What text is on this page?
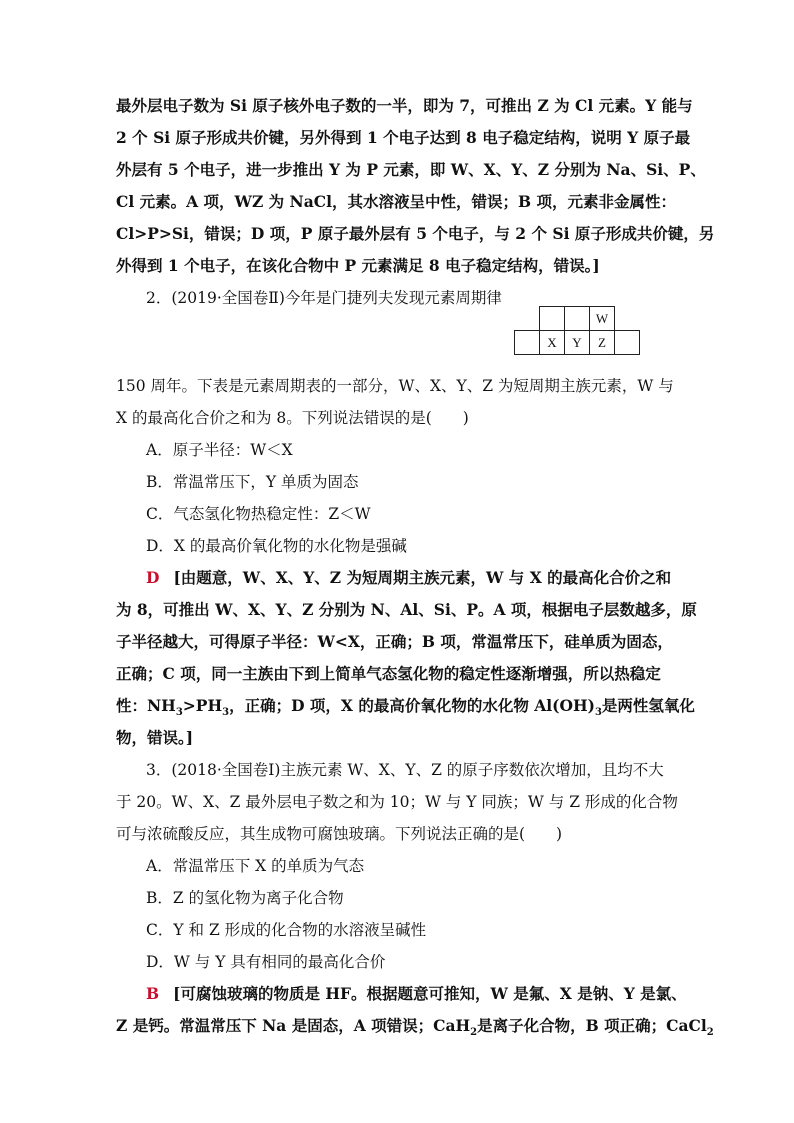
最外层电子数为 Si 原子核外电子数的一半，即为 7，可推出 Z 为 Cl 元素。Y 能与
2 个 Si 原子形成共价键，另外得到 1 个电子达到 8 电子稳定结构，说明 Y 原子最
外层有 5 个电子，进一步推出 Y 为 P 元素，即 W、X、Y、Z 分别为 Na、Si、P、
Cl 元素。A 项，WZ 为 NaCl，其水溶液呈中性，错误；B 项，元素非金属性：
Cl>P>Si，错误；D 项，P 原子最外层有 5 个电子，与 2 个 Si 原子形成共价键，另
外得到 1 个电子，在该化合物中 P 元素满足 8 电子稳定结构，错误。]
2．(2019·全国卷Ⅱ)今年是门捷列夫发现元素周期律
			W	
	X	Y	Z	
150 周年。下表是元素周期表的一部分，W、X、Y、Z 为短周期主族元素，W 与
X 的最高化合价之和为 8。下列说法错误的是(　　)
A．原子半径：W＜X
B．常温常压下，Y 单质为固态
C．气态氢化物热稳定性：Z＜W
D．X 的最高价氧化物的水化物是强碱
D [由题意，W、X、Y、Z 为短周期主族元素，W 与 X 的最高化合价之和
为 8，可推出 W、X、Y、Z 分别为 N、Al、Si、P。A 项，根据电子层数越多，原
子半径越大，可得原子半径：W<X，正确；B 项，常温常压下，硅单质为固态，
正确；C 项，同一主族由下到上简单气态氢化物的稳定性逐渐增强，所以热稳定
性：$NH_3>PH_3$，正确；D 项，X 的最高价氧化物的水化物 $Al(OH)_3$是两性氢氧化
物，错误。]
3．(2018·全国卷Ⅰ)主族元素 W、X、Y、Z 的原子序数依次增加，且均不大
于 20。W、X、Z 最外层电子数之和为 10；W 与 Y 同族；W 与 Z 形成的化合物
可与浓硫酸反应，其生成物可腐蚀玻璃。下列说法正确的是(　　)
A．常温常压下 X 的单质为气态
B．Z 的氢化物为离子化合物
C．Y 和 Z 形成的化合物的水溶液呈碱性
D．W 与 Y 具有相同的最高化合价
B [可腐蚀玻璃的物质是 HF。根据题意可推知，W 是氟、X 是钠、Y 是氯、
Z 是钙。常温常压下 Na 是固态，A 项错误；CaH$_2$是离子化合物，B 项正确；CaCl$_2$
